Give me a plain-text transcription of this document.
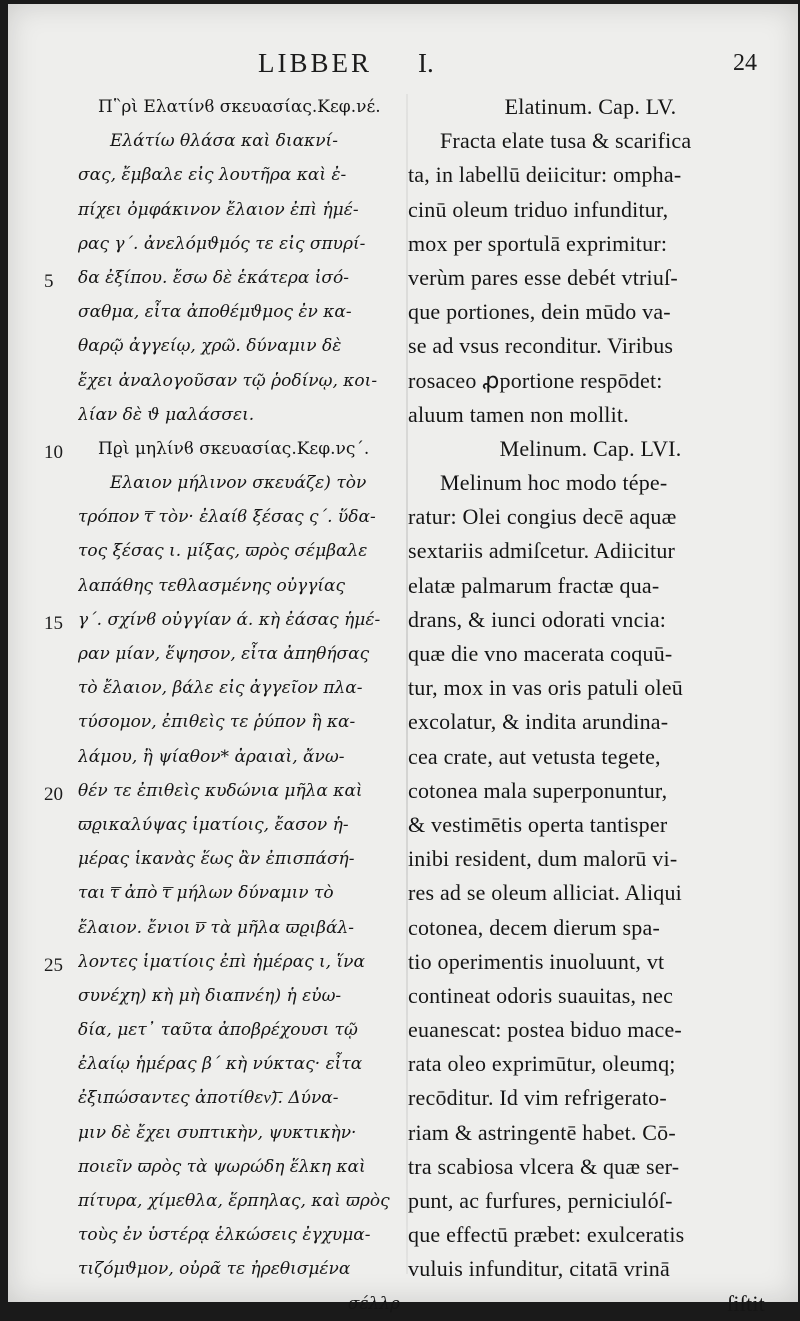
LIBBER I.	24
5
10
15
20
25
Π῝ρὶ Ελατίνϐ σκευασίας.Κεφ.νέ.
Ελάτίω θλάσα καὶ διακνί-
σας, ἔμβαλε εἰς λουτῆρα καὶ ἐ-
πίχει ὀμφάκινον ἔλαιον ἐπὶ ἡμέ-
ρας γ΄. ἀνελόμϑμός τε εἰς σπυρί-
δα ἐξίπου. ἔσω δὲ ἑκάτερα ἰσό-
σαθμα, εἶτα ἀποθέμϑμος ἐν κα-
θαρῷ ἀγγείῳ, χρῶ. δύναμιν δὲ
ἔχει ἀναλογοῦσαν τῷ ῥοδίνῳ, κοι-
λίαν δὲ ϑ μαλάσσει.
Πϱὶ μηλίνϐ σκευασίας.Κεφ.νς΄.
Ελαιον μήλινον σκευάζε) τὸν
τρόπον ͞τ τὸν· ἐλαίϐ ξέσας ς΄. ὕδα-
τος ξέσας ι. μίξας, ϖρὸς σέμβαλε
λαπάθης τεθλασμένης οὐγγίας
γ΄. σχίνϐ οὐγγίαν ά. κὴ ἐάσας ἡμέ-
ραν μίαν, ἕψησον, εἶτα ἀπηθήσας
τὸ ἔλαιον, βάλε εἰς ἀγγεῖον πλα-
τύσομον, ἐπιθεὶς τε ῥύπον ἢ κα-
λάμου, ἢ ψίαθον* ἀραιαὶ, ἄνω-
θέν τε ἐπιθεὶς κυδώνια μῆλα καὶ
ϖϱικαλύψας ἱματίοις, ἔασον ἡ-
μέρας ἱκανὰς ἕως ἂν ἐπισπάσή-
ται ͞τ ἀπὸ ͞τ μήλων δύναμιν τὸ
ἔλαιον. ἔνιοι ͞ν τὰ μῆλα ϖϱιβάλ-
λοντες ἱματίοις ἐπὶ ἡμέρας ι, ἵνα
συνέχη) κὴ μὴ διαπνέη) ἡ εὐω-
δία, μετ᾽ ταῦτα ἀποβρέχουσι τῷ
ἐλαίῳ ἡμέρας β΄ κὴ νύκτας· εἶτα
ἐξιπώσαντες ἀποτίθεν͞). Δύνα-
μιν δὲ ἔχει συπτικὴν, ψυκτικὴν·
ποιεῖν ϖρὸς τὰ ψωρώδη ἕλκη καὶ
πίτυρα, χίμεθλα, ἕρπηλας, καὶ ϖρὸς
τοὺς ἐν ὑστέρᾳ ἑλκώσεις ἐγχυμα-
τιζόμϑμον, οὐρᾶ τε ἠρεθισμένα
σέλλρ
Elatinum. Cap. LV.
Fracta elate tusa & scarifica
ta, in labellū deiicitur: ompha-
cinū oleum triduo infunditur,
mox per sportulā exprimitur:
verùm pares esse debét vtriuſ-
que portiones, dein mūdo va-
se ad vsus reconditur. Viribus
rosaceo ꝓportione respōdet:
aluum tamen non mollit.
Melinum. Cap. LVI.
Melinum hoc modo tépe-
ratur: Olei congius decē aquæ
sextariis admiſcetur. Adiicitur
elatæ palmarum fractæ qua-
drans, & iunci odorati vncia:
quæ die vno macerata coquū-
tur, mox in vas oris patuli oleū
excolatur, & indita arundina-
cea crate, aut vetusta tegete,
cotonea mala superponuntur,
& vestimētis operta tantisper
inibi resident, dum malorū vi-
res ad se oleum alliciat. Aliqui
cotonea, decem dierum spa-
tio operimentis inuoluunt, vt
contineat odoris suauitas, nec
euanescat: postea biduo mace-
rata oleo exprimūtur, oleumq;
recōditur. Id vim refrigerato-
riam & astringentē habet. Cō-
tra scabiosa vlcera & quæ ser-
punt, ac furfures, perniciulóſ-
que effectū præbet: exulceratis
vuluis infunditur, citatā vrinā
ſiſtit
